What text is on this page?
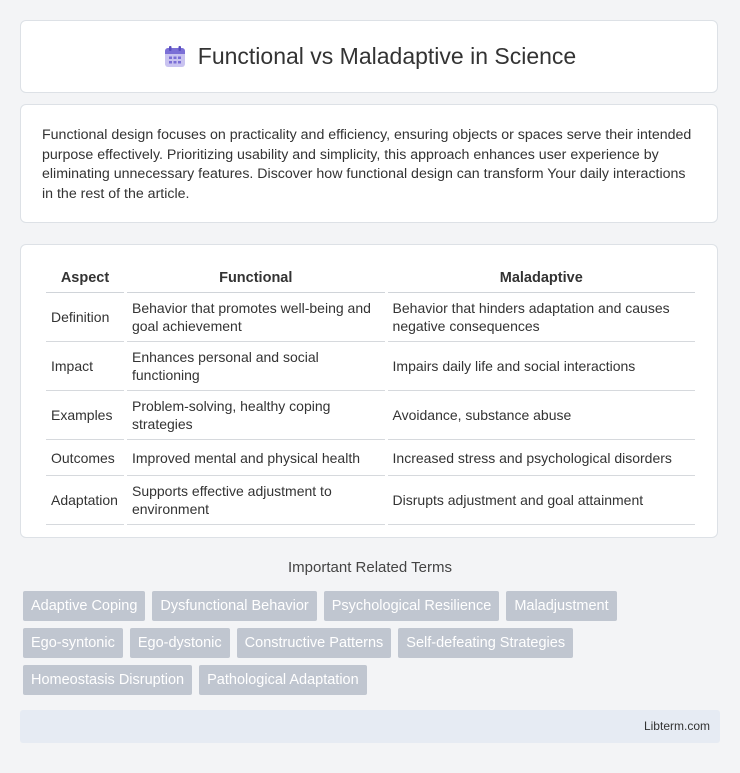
Functional vs Maladaptive in Science

Functional design focuses on practicality and efficiency, ensuring objects or spaces serve their intended purpose effectively. Prioritizing usability and simplicity, this approach enhances user experience by eliminating unnecessary features. Discover how functional design can transform Your daily interactions in the rest of the article.

Aspect	Functional	Maladaptive
Definition	Behavior that promotes well-being and goal achievement	Behavior that hinders adaptation and causes negative consequences
Impact	Enhances personal and social functioning	Impairs daily life and social interactions
Examples	Problem-solving, healthy coping strategies	Avoidance, substance abuse
Outcomes	Improved mental and physical health	Increased stress and psychological disorders
Adaptation	Supports effective adjustment to environment	Disrupts adjustment and goal attainment
Important Related Terms
Adaptive Coping	Dysfunctional Behavior	Psychological Resilience	Maladjustment
Ego-syntonic	Ego-dystonic	Constructive Patterns	Self-defeating Strategies
Homeostasis Disruption	Pathological Adaptation
Libterm.com
